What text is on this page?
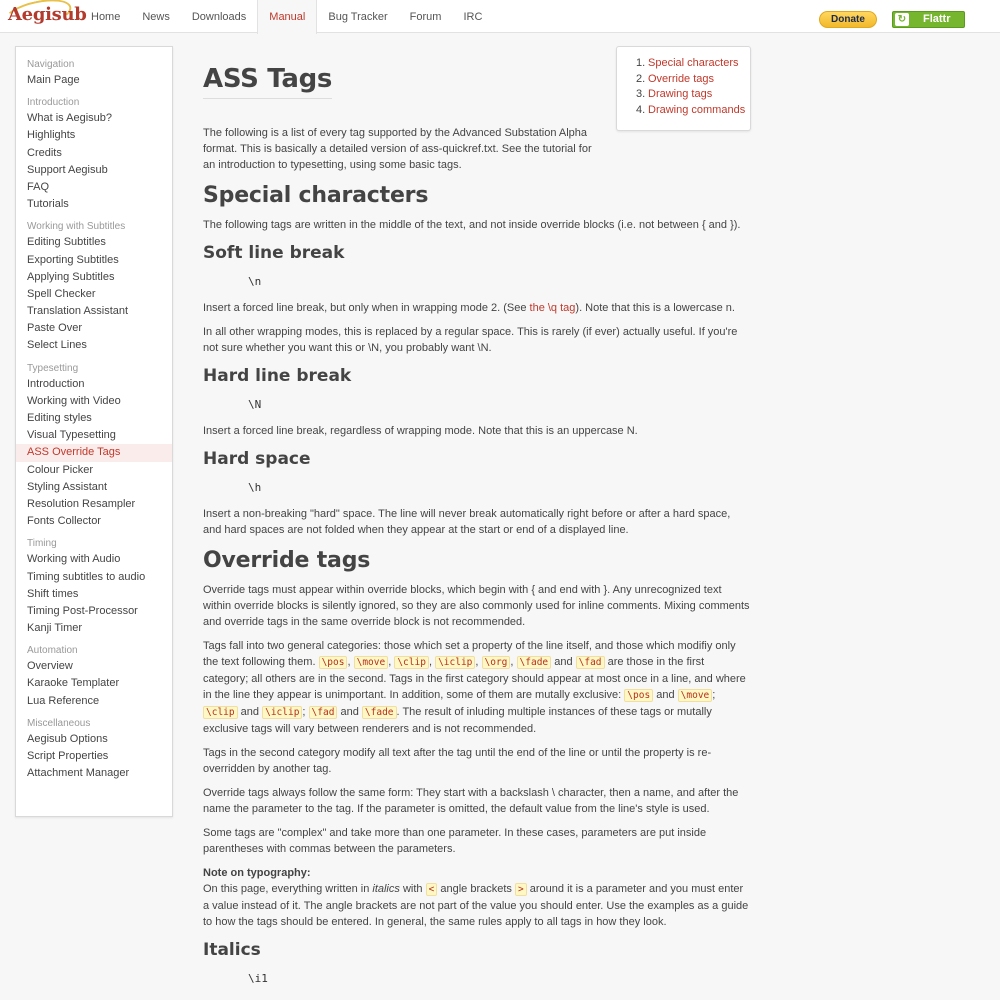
Aegisub Home	News	Downloads	Manual	Bug Tracker	Forum	IRC	Donate	↻ Flattr
Navigation
Main Page
Introduction
What is Aegisub?
Highlights
Credits
Support Aegisub
FAQ
Tutorials
Working with Subtitles
Editing Subtitles
Exporting Subtitles
Applying Subtitles
Spell Checker
Translation Assistant
Paste Over
Select Lines
Typesetting
Introduction
Working with Video
Editing styles
Visual Typesetting
ASS Override Tags
Colour Picker
Styling Assistant
Resolution Resampler
Fonts Collector
Timing
Working with Audio
Timing subtitles to audio
Shift times
Timing Post-Processor
Kanji Timer
Automation
Overview
Karaoke Templater
Lua Reference
Miscellaneous
Aegisub Options
Script Properties
Attachment Manager
1. Special characters
2. Override tags
3. Drawing tags
4. Drawing commands
ASS Tags

The following is a list of every tag supported by the Advanced Substation Alpha format. This is basically a detailed version of ass-quickref.txt. See the tutorial for an introduction to typesetting, using some basic tags.

Special characters

The following tags are written in the middle of the text, and not inside override blocks (i.e. not between { and }).

Soft line break
\n

Insert a forced line break, but only when in wrapping mode 2. (See the \q tag). Note that this is a lowercase n.

In all other wrapping modes, this is replaced by a regular space. This is rarely (if ever) actually useful. If you're not sure whether you want this or \N, you probably want \N.

Hard line break
\N

Insert a forced line break, regardless of wrapping mode. Note that this is an uppercase N.

Hard space
\h

Insert a non-breaking "hard" space. The line will never break automatically right before or after a hard space, and hard spaces are not folded when they appear at the start or end of a displayed line.

Override tags

Override tags must appear within override blocks, which begin with { and end with }. Any unrecognized text within override blocks is silently ignored, so they are also commonly used for inline comments. Mixing comments and override tags in the same override block is not recommended.

Tags fall into two general categories: those which set a property of the line itself, and those which modifiy only the text following them. \pos , \move , \clip , \iclip , \org , \fade and \fad are those in the first category; all others are in the second. Tags in the first category should appear at most once in a line, and where in the line they appear is unimportant. In addition, some of them are mutally exclusive: \pos and \move ; \clip and \iclip ; \fad and \fade . The result of inluding multiple instances of these tags or mutally exclusive tags will vary between renderers and is not recommended.

Tags in the second category modify all text after the tag until the end of the line or until the property is re-overridden by another tag.

Override tags always follow the same form: They start with a backslash \ character, then a name, and after the name the parameter to the tag. If the parameter is omitted, the default value from the line's style is used.

Some tags are "complex" and take more than one parameter. In these cases, parameters are put inside parentheses with commas between the parameters.

Note on typography:
On this page, everything written in italics with < angle brackets > around it is a parameter and you must enter a value instead of it. The angle brackets are not part of the value you should enter. Use the examples as a guide to how the tags should be entered. In general, the same rules apply to all tags in how they look.

Italics
\i1
